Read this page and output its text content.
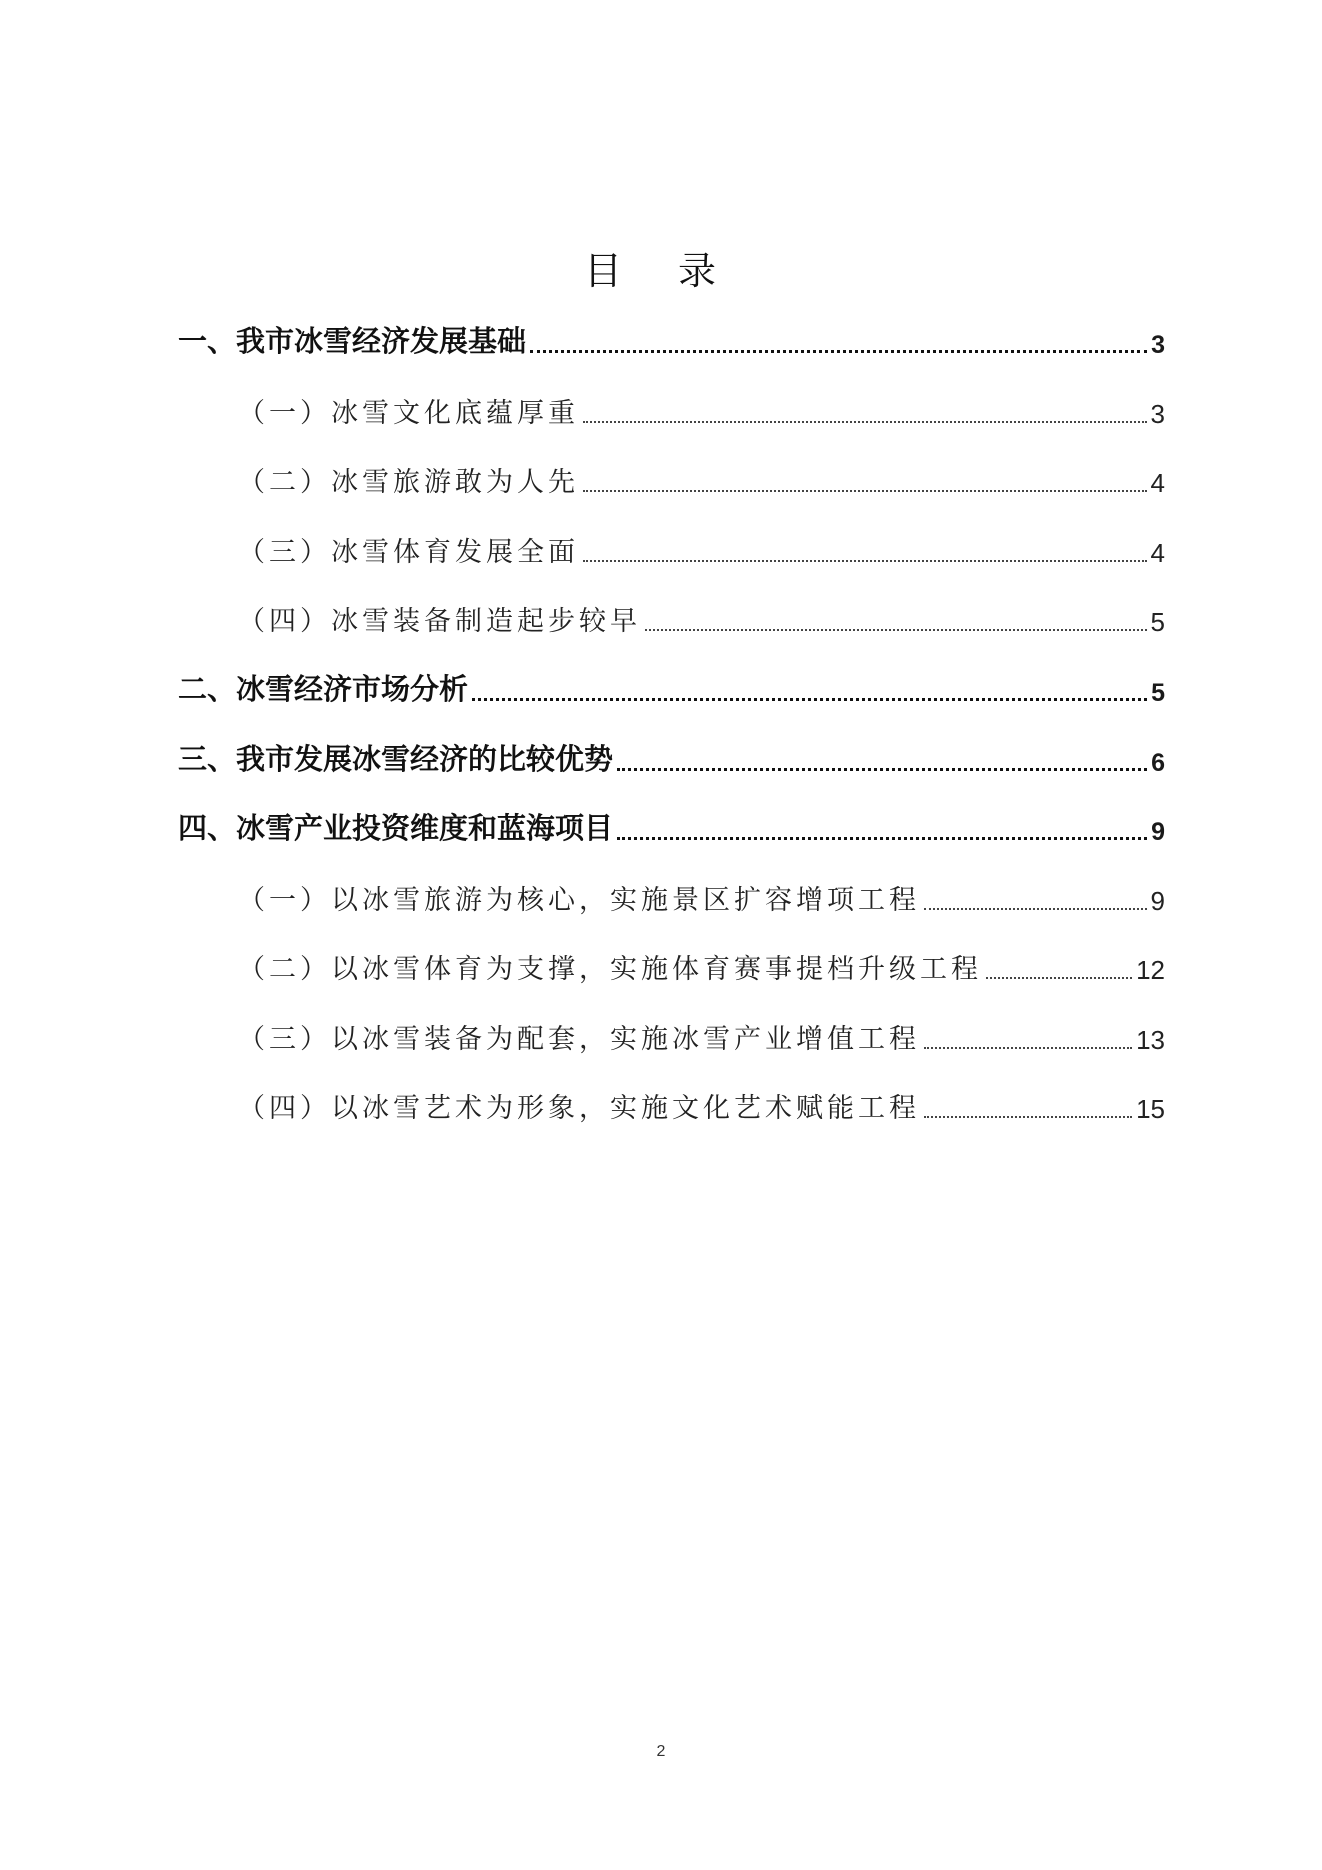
目 录
一、我市冰雪经济发展基础	3
（一）冰雪文化底蕴厚重	3
（二）冰雪旅游敢为人先	4
（三）冰雪体育发展全面	4
（四）冰雪装备制造起步较早	5
二、冰雪经济市场分析	5
三、我市发展冰雪经济的比较优势	6
四、冰雪产业投资维度和蓝海项目	9
（一）以冰雪旅游为核心，实施景区扩容增项工程	9
（二）以冰雪体育为支撑，实施体育赛事提档升级工程	12
（三）以冰雪装备为配套，实施冰雪产业增值工程	13
（四）以冰雪艺术为形象，实施文化艺术赋能工程	15
2
